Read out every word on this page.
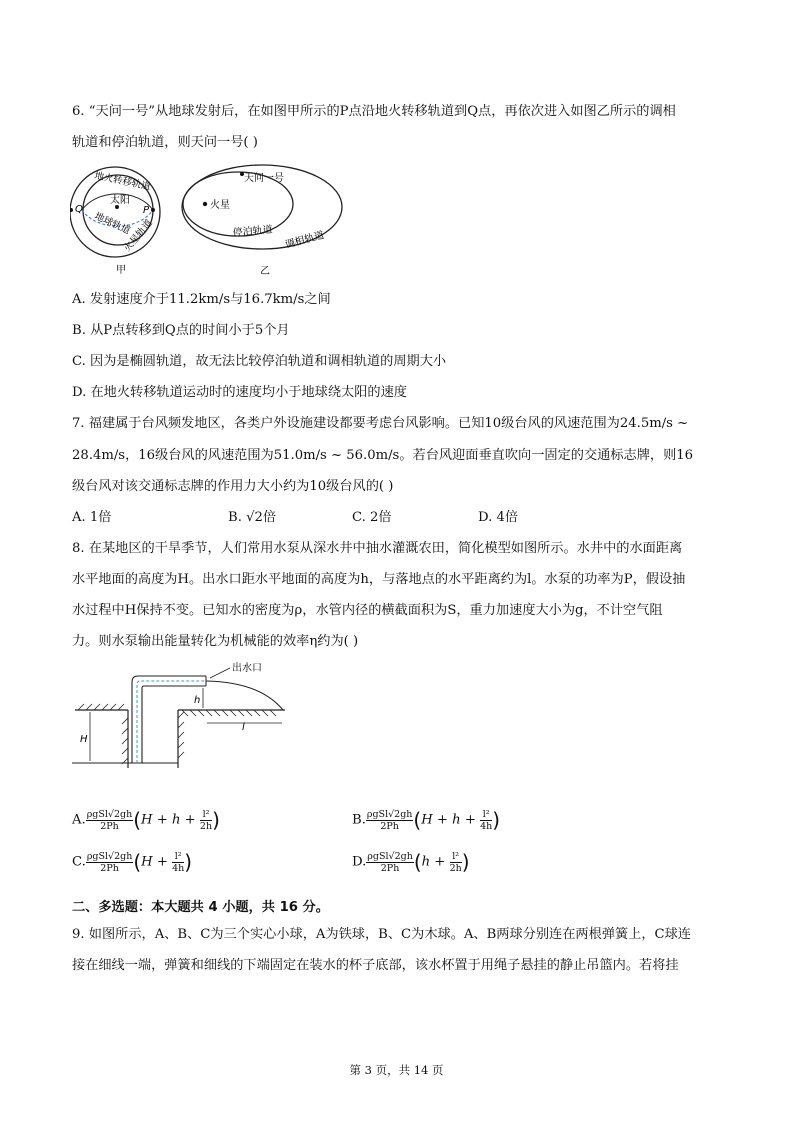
6. “天问一号”从地球发射后，在如图甲所示的P点沿地火转移轨道到Q点，再依次进入如图乙所示的调相
轨道和停泊轨道，则天问一号( )
太阳
P
Q
地火转移轨道
地球轨道
火星轨道
甲
火星
天问一号
停泊轨道 调相轨道
乙
A. 发射速度介于11.2km/s与16.7km/s之间
B. 从P点转移到Q点的时间小于5个月
C. 因为是椭圆轨道，故无法比较停泊轨道和调相轨道的周期大小
D. 在地火转移轨道运动时的速度均小于地球绕太阳的速度
7. 福建属于台风频发地区，各类户外设施建设都要考虑台风影响。已知10级台风的风速范围为24.5m/s ~
28.4m/s，16级台风的风速范围为51.0m/s ~ 56.0m/s。若台风迎面垂直吹向一固定的交通标志牌，则16
级台风对该交通标志牌的作用力大小约为10级台风的( )
A. 1倍	B. √2倍	C. 2倍	D. 4倍
8. 在某地区的干旱季节，人们常用水泵从深水井中抽水灌溉农田，简化模型如图所示。水井中的水面距离
水平地面的高度为H。出水口距水平地面的高度为h，与落地点的水平距离约为l。水泵的功率为P，假设抽
水过程中H保持不变。已知水的密度为ρ，水管内径的横截面积为S，重力加速度大小为g，不计空气阻
力。则水泵输出能量转化为机械能的效率η约为( )
H
h
l
出水口
A. $\frac{\text{ρgSl√2gh}}{2Ph} (H + h + \frac{\text{l²}}{2h}$ )	B. $\frac{\text{ρgSl√2gh}}{2Ph} (H + h + \frac{\text{l²}}{4h}$ )
C. $\frac{\text{ρgSl√2gh}}{2Ph} (H + \frac{\text{l²}}{4h}$ )	D. $\frac{\text{ρgSl√2gh}}{2Ph} (h + \frac{\text{l²}}{2h}$ )
二、多选题：本大题共 4 小题，共 16 分。
9. 如图所示，A、B、C为三个实心小球，A为铁球，B、C为木球。A、B两球分别连在两根弹簧上，C球连
接在细线一端，弹簧和细线的下端固定在装水的杯子底部，该水杯置于用绳子悬挂的静止吊篮内。若将挂
第 3 页，共 14 页
